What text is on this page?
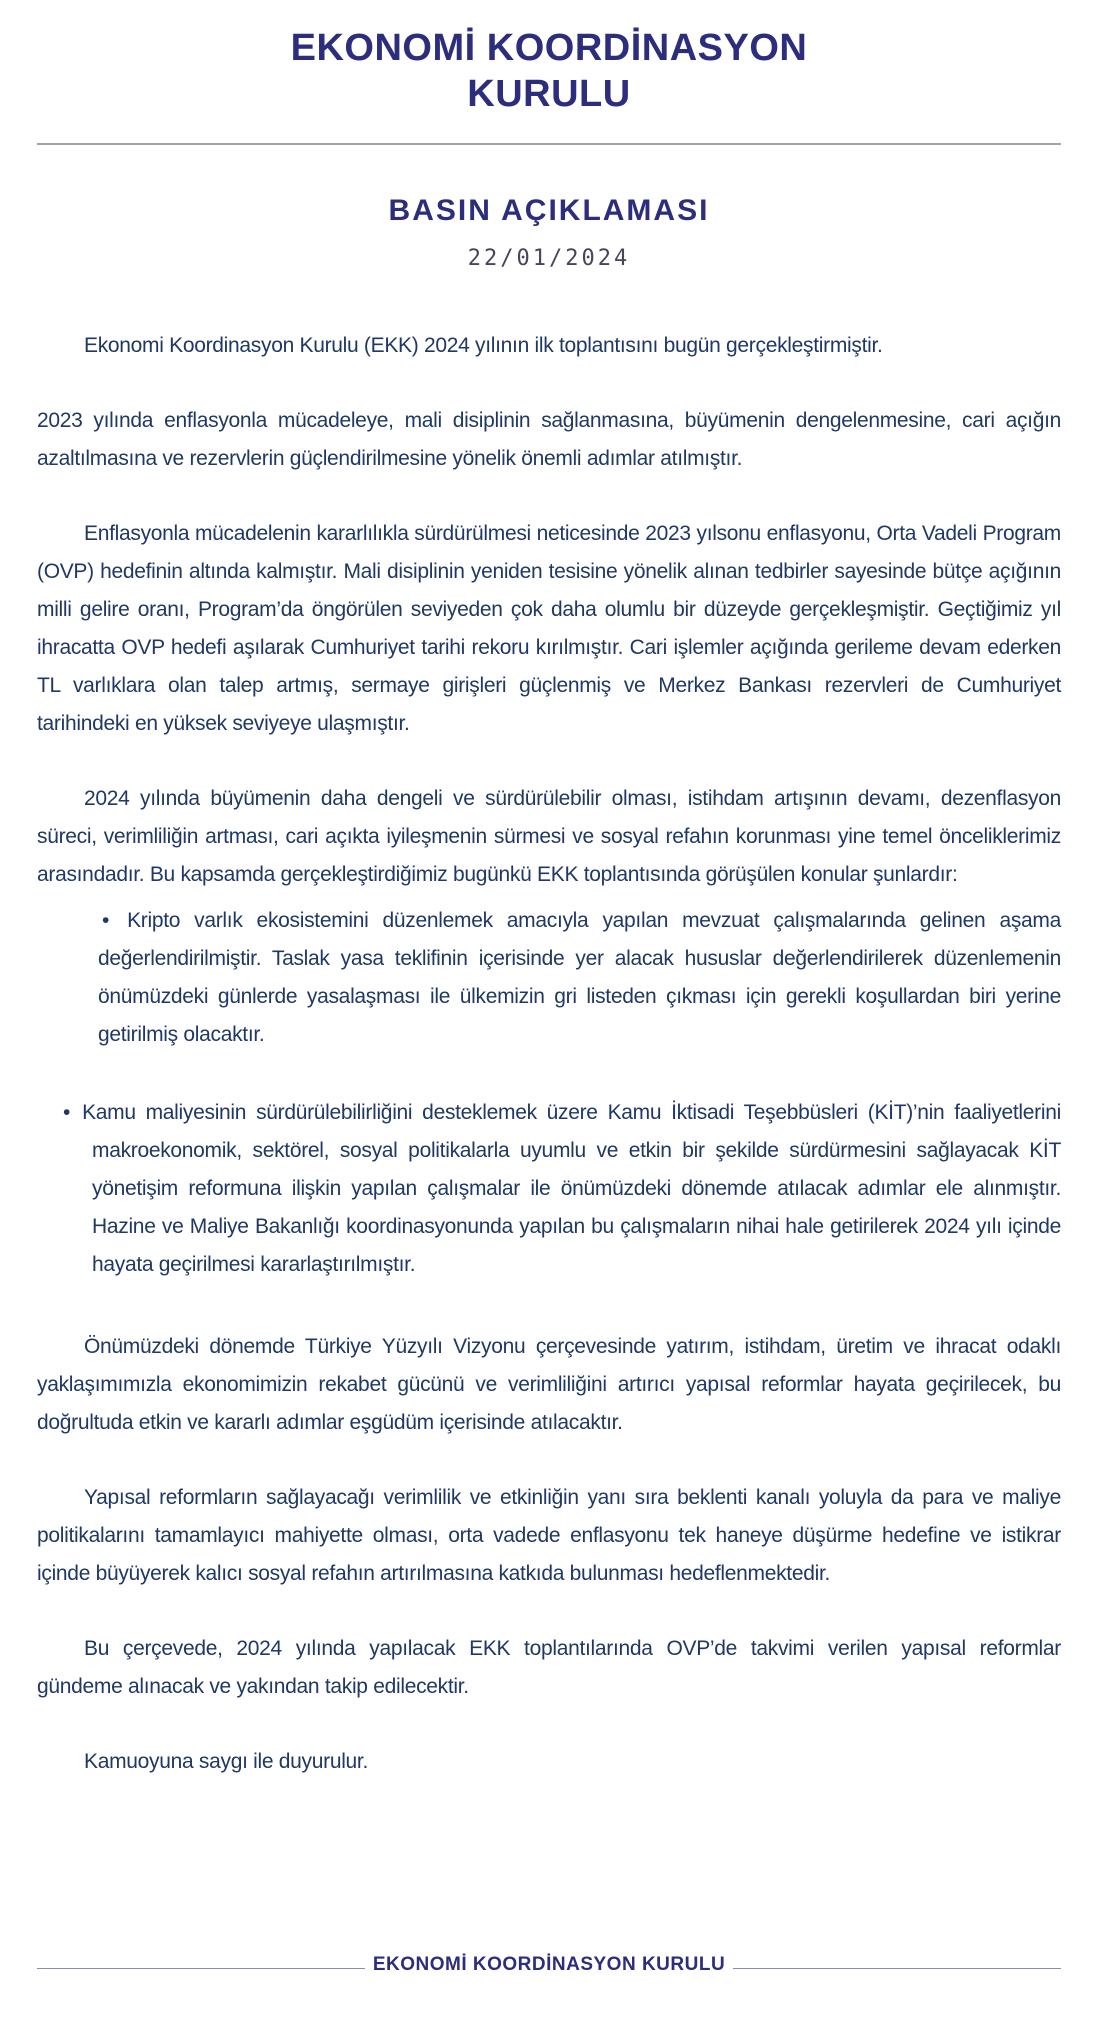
EKONOMİ KOORDİNASYON
KURULU
BASIN AÇIKLAMASI
22/01/2024

Ekonomi Koordinasyon Kurulu (EKK) 2024 yılının ilk toplantısını bugün gerçekleştirmiştir.

2023 yılında enflasyonla mücadeleye, mali disiplinin sağlanmasına, büyümenin dengelenmesine, cari açığın azaltılmasına ve rezervlerin güçlendirilmesine yönelik önemli adımlar atılmıştır.

Enflasyonla mücadelenin kararlılıkla sürdürülmesi neticesinde 2023 yılsonu enflasyonu, Orta Vadeli Program (OVP) hedefinin altında kalmıştır. Mali disiplinin yeniden tesisine yönelik alınan tedbirler sayesinde bütçe açığının milli gelire oranı, Program’da öngörülen seviyeden çok daha olumlu bir düzeyde gerçekleşmiştir. Geçtiğimiz yıl ihracatta OVP hedefi aşılarak Cumhuriyet tarihi rekoru kırılmıştır. Cari işlemler açığında gerileme devam ederken TL varlıklara olan talep artmış, sermaye girişleri güçlenmiş ve Merkez Bankası rezervleri de Cumhuriyet tarihindeki en yüksek seviyeye ulaşmıştır.

2024 yılında büyümenin daha dengeli ve sürdürülebilir olması, istihdam artışının devamı, dezenflasyon süreci, verimliliğin artması, cari açıkta iyileşmenin sürmesi ve sosyal refahın korunması yine temel önceliklerimiz arasındadır. Bu kapsamda gerçekleştirdiğimiz bugünkü EKK toplantısında görüşülen konular şunlardır:

• Kripto varlık ekosistemini düzenlemek amacıyla yapılan mevzuat çalışmalarında gelinen aşama değerlendirilmiştir. Taslak yasa teklifinin içerisinde yer alacak hususlar değerlendirilerek düzenlemenin önümüzdeki günlerde yasalaşması ile ülkemizin gri listeden çıkması için gerekli koşullardan biri yerine getirilmiş olacaktır.
• Kamu maliyesinin sürdürülebilirliğini desteklemek üzere Kamu İktisadi Teşebbüsleri (KİT)’nin faaliyetlerini makroekonomik, sektörel, sosyal politikalarla uyumlu ve etkin bir şekilde sürdürmesini sağlayacak KİT yönetişim reformuna ilişkin yapılan çalışmalar ile önümüzdeki dönemde atılacak adımlar ele alınmıştır. Hazine ve Maliye Bakanlığı koordinasyonunda yapılan bu çalışmaların nihai hale getirilerek 2024 yılı içinde hayata geçirilmesi kararlaştırılmıştır.

Önümüzdeki dönemde Türkiye Yüzyılı Vizyonu çerçevesinde yatırım, istihdam, üretim ve ihracat odaklı yaklaşımımızla ekonomimizin rekabet gücünü ve verimliliğini artırıcı yapısal reformlar hayata geçirilecek, bu doğrultuda etkin ve kararlı adımlar eşgüdüm içerisinde atılacaktır.

Yapısal reformların sağlayacağı verimlilik ve etkinliğin yanı sıra beklenti kanalı yoluyla da para ve maliye politikalarını tamamlayıcı mahiyette olması, orta vadede enflasyonu tek haneye düşürme hedefine ve istikrar içinde büyüyerek kalıcı sosyal refahın artırılmasına katkıda bulunması hedeflenmektedir.

Bu çerçevede, 2024 yılında yapılacak EKK toplantılarında OVP’de takvimi verilen yapısal reformlar gündeme alınacak ve yakından takip edilecektir.

Kamuoyuna saygı ile duyurulur.

EKONOMİ KOORDİNASYON KURULU
